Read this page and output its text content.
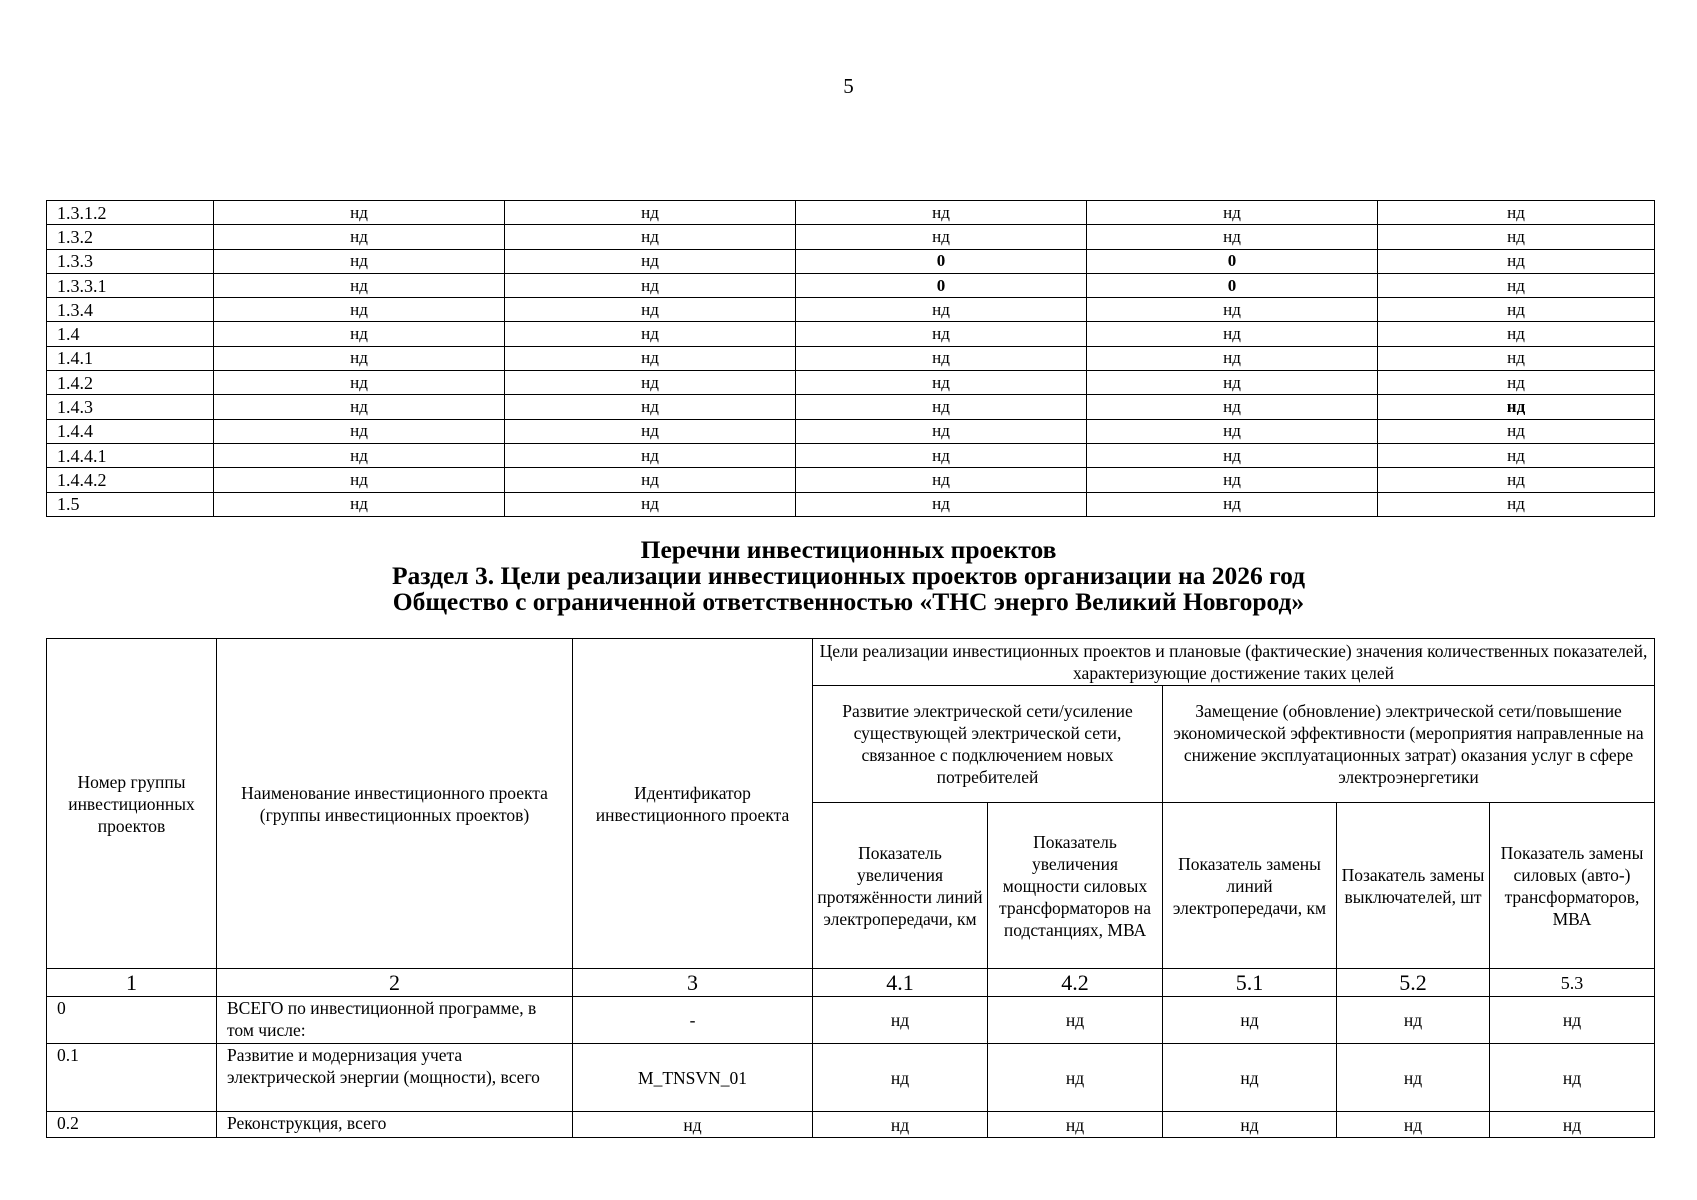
5
1.3.1.2	нд	нд	нд	нд	нд
1.3.2	нд	нд	нд	нд	нд
1.3.3	нд	нд	0	0	нд
1.3.3.1	нд	нд	0	0	нд
1.3.4	нд	нд	нд	нд	нд
1.4	нд	нд	нд	нд	нд
1.4.1	нд	нд	нд	нд	нд
1.4.2	нд	нд	нд	нд	нд
1.4.3	нд	нд	нд	нд	нд
1.4.4	нд	нд	нд	нд	нд
1.4.4.1	нд	нд	нд	нд	нд
1.4.4.2	нд	нд	нд	нд	нд
1.5	нд	нд	нд	нд	нд
Перечни инвестиционных проектов
Раздел 3. Цели реализации инвестиционных проектов организации на 2026 год
Общество с ограниченной ответственностью «ТНС энерго Великий Новгород»
Номер группы инвестиционных проектов	Наименование инвестиционного проекта (группы инвестиционных проектов)	Идентификатор инвестиционного проекта	Цели реализации инвестиционных проектов и плановые (фактические) значения количественных показателей, характеризующие достижение таких целей				
			Развитие электрической сети/усиление существующей электрической сети, связанное с подключением новых потребителей		Замещение (обновление) электрической сети/повышение экономической эффективности (мероприятия направленные на снижение эксплуатационных затрат) оказания услуг в сфере электроэнергетики		
			Показатель увеличения протяжённости линий электропередачи, км	Показатель увеличения мощности силовых трансформаторов на подстанциях, МВА	Показатель замены линий электропередачи, км	Позакатель замены выключателей, шт	Показатель замены силовых (авто-) трансформаторов, МВА
1	2	3	4.1	4.2	5.1	5.2	5.3
0	ВСЕГО по инвестиционной программе, в том числе:	-	нд	нд	нд	нд	нд
0.1	Развитие и модернизация учета электрической энергии (мощности), всего	M_TNSVN_01	нд	нд	нд	нд	нд
0.2	Реконструкция, всего	нд	нд	нд	нд	нд	нд
